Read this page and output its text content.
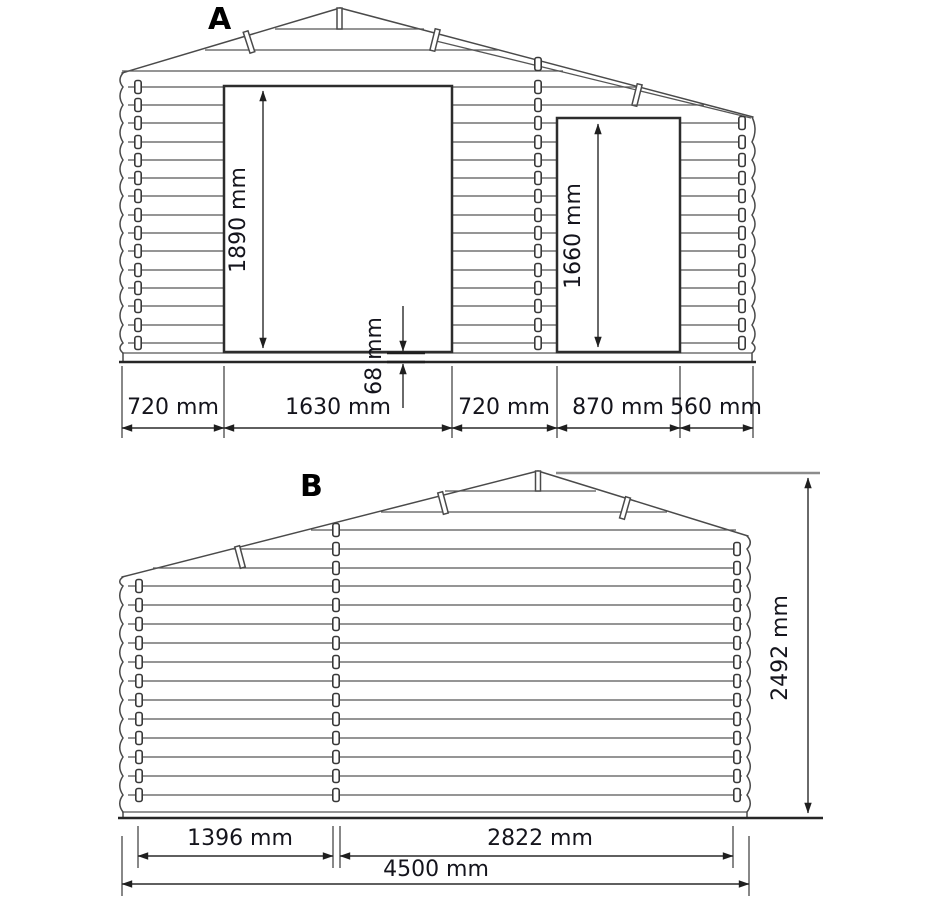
A
720 mm	1630 mm	720 mm 870 mm 560 mm
1890 mm
68 mm
1660 mm
B
2492 mm
1396 mm	2822 mm
4500 mm
